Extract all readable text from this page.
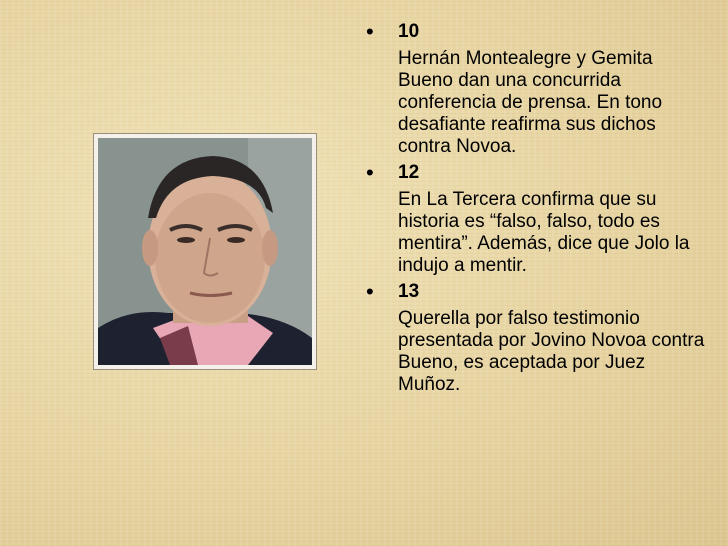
• 10
Hernán Montealegre y Gemita Bueno dan una concurrida conferencia de prensa. En tono desafiante reafirma sus dichos contra Novoa.
• 12
En La Tercera confirma que su historia es “falso, falso, todo es mentira”. Además, dice que Jolo la indujo a mentir.
• 13
Querella por falso testimonio presentada por Jovino Novoa contra Bueno, es aceptada por Juez Muñoz.
